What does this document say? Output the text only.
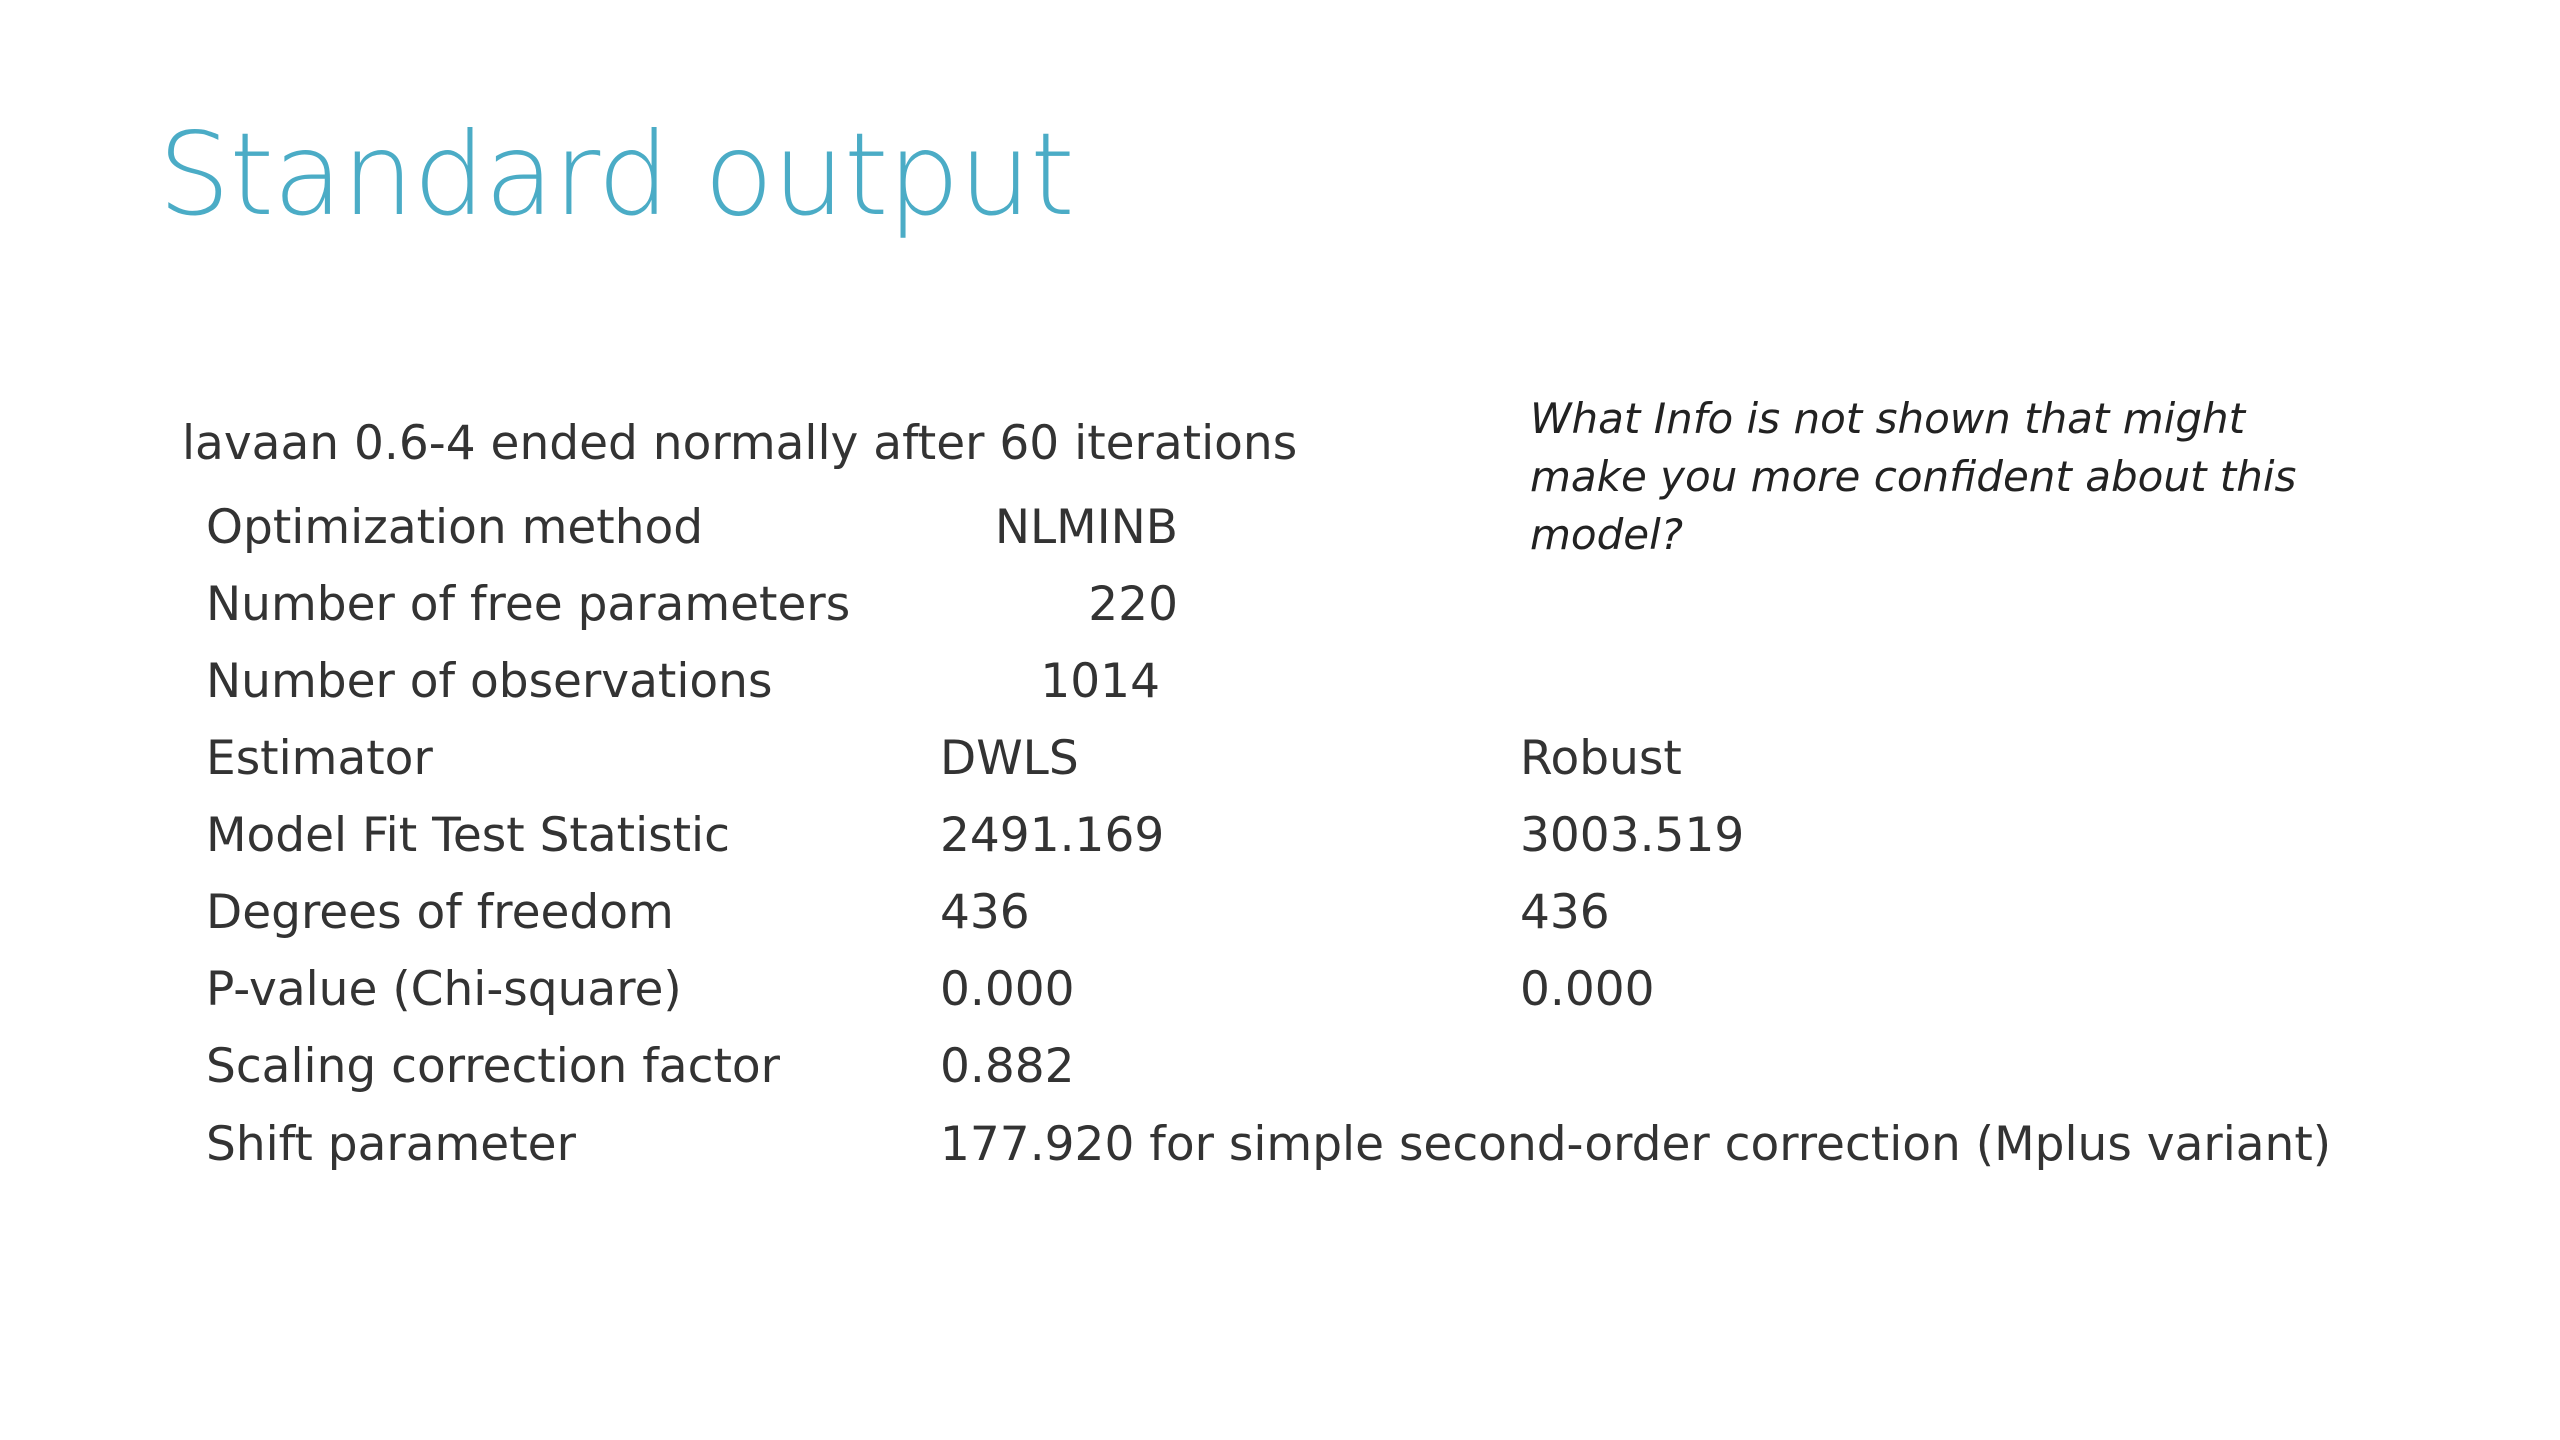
Standard output
lavaan 0.6-4 ended normally after 60 iterations	What Info is not shown that might make you more confident about this model?
Optimization method	NLMINB
Number of free parameters	220
Number of observations	1014
Estimator	DWLS	Robust
Model Fit Test Statistic	2491.169	3003.519
Degrees of freedom	436	436
P-value (Chi-square)	0.000	0.000
Scaling correction factor	0.882
Shift parameter	177.920 for simple second-order correction (Mplus variant)
